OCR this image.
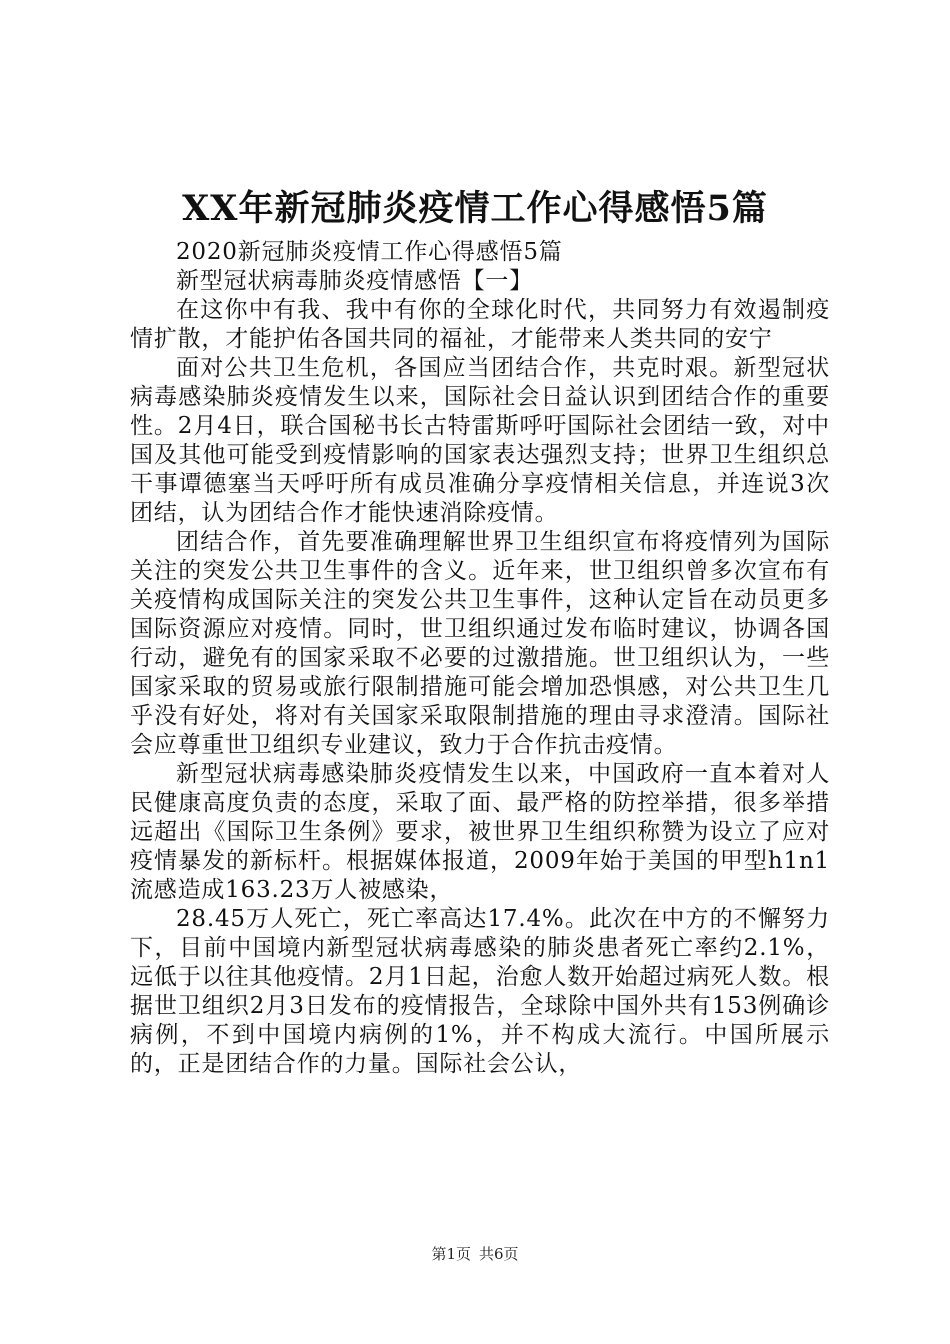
XX年新冠肺炎疫情工作心得感悟5篇

2020新冠肺炎疫情工作心得感悟5篇

新型冠状病毒肺炎疫情感悟【一】

在这你中有我、我中有你的全球化时代，共同努力有效遏制疫情扩散，才能护佑各国共同的福祉，才能带来人类共同的安宁

面对公共卫生危机，各国应当团结合作，共克时艰。新型冠状病毒感染肺炎疫情发生以来，国际社会日益认识到团结合作的重要性。2月4日，联合国秘书长古特雷斯呼吁国际社会团结一致，对中国及其他可能受到疫情影响的国家表达强烈支持；世界卫生组织总干事谭德塞当天呼吁所有成员准确分享疫情相关信息，并连说3次团结，认为团结合作才能快速消除疫情。

团结合作，首先要准确理解世界卫生组织宣布将疫情列为国际关注的突发公共卫生事件的含义。近年来，世卫组织曾多次宣布有关疫情构成国际关注的突发公共卫生事件，这种认定旨在动员更多国际资源应对疫情。同时，世卫组织通过发布临时建议，协调各国行动，避免有的国家采取不必要的过激措施。世卫组织认为，一些国家采取的贸易或旅行限制措施可能会增加恐惧感，对公共卫生几乎没有好处，将对有关国家采取限制措施的理由寻求澄清。国际社会应尊重世卫组织专业建议，致力于合作抗击疫情。

新型冠状病毒感染肺炎疫情发生以来，中国政府一直本着对人民健康高度负责的态度，采取了面、最严格的防控举措，很多举措远超出《国际卫生条例》要求，被世界卫生组织称赞为设立了应对疫情暴发的新标杆。根据媒体报道，2009年始于美国的甲型h1n1流感造成163.23万人被感染，

28.45万人死亡，死亡率高达17.4%。此次在中方的不懈努力下，目前中国境内新型冠状病毒感染的肺炎患者死亡率约2.1%，远低于以往其他疫情。2月1日起，治愈人数开始超过病死人数。根据世卫组织2月3日发布的疫情报告，全球除中国外共有153例确诊病例，不到中国境内病例的1%，并不构成大流行。中国所展示的，正是团结合作的力量。国际社会公认，

第1页 共6页
